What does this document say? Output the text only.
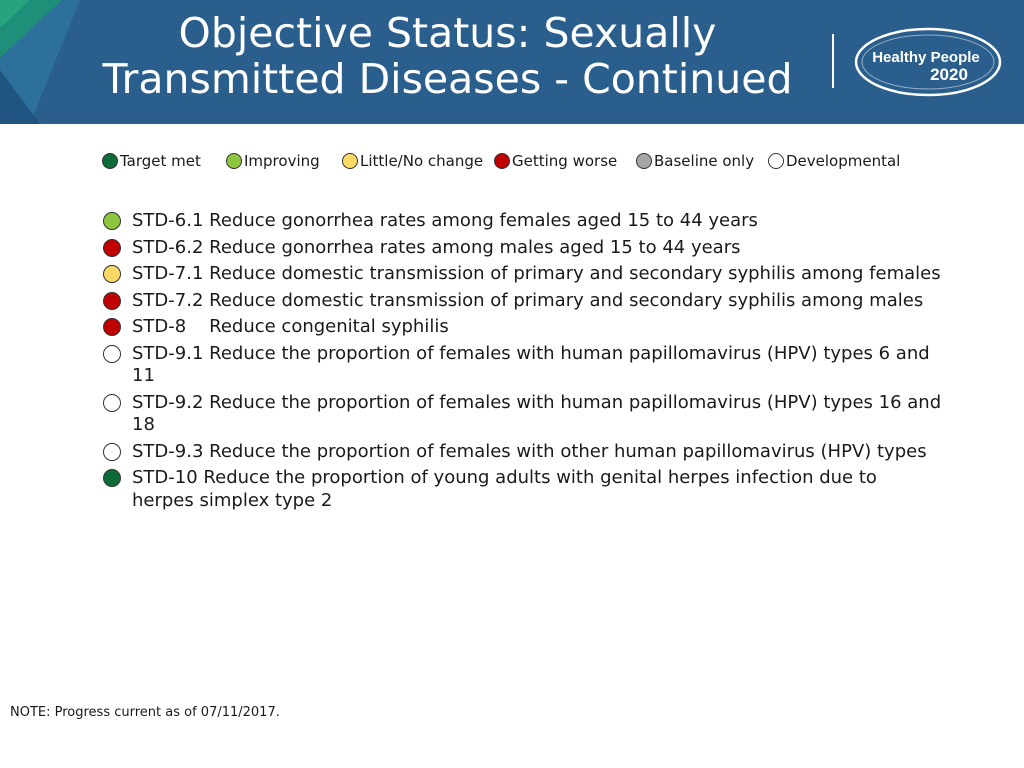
Objective Status: Sexually
Transmitted Diseases - Continued	Healthy People
2020
Target met	Improving	Little/No change	Getting worse	Baseline only	Developmental
STD-6.1 Reduce gonorrhea rates among females aged 15 to 44 years
STD-6.2 Reduce gonorrhea rates among males aged 15 to 44 years
STD-7.1 Reduce domestic transmission of primary and secondary syphilis among females
STD-7.2 Reduce domestic transmission of primary and secondary syphilis among males
STD-8 Reduce congenital syphilis
STD-9.1 Reduce the proportion of females with human papillomavirus (HPV) types 6 and 11
STD-9.2 Reduce the proportion of females with human papillomavirus (HPV) types 16 and 18
STD-9.3 Reduce the proportion of females with other human papillomavirus (HPV) types
STD-10 Reduce the proportion of young adults with genital herpes infection due to herpes simplex type 2
NOTE: Progress current as of 07/11/2017.
